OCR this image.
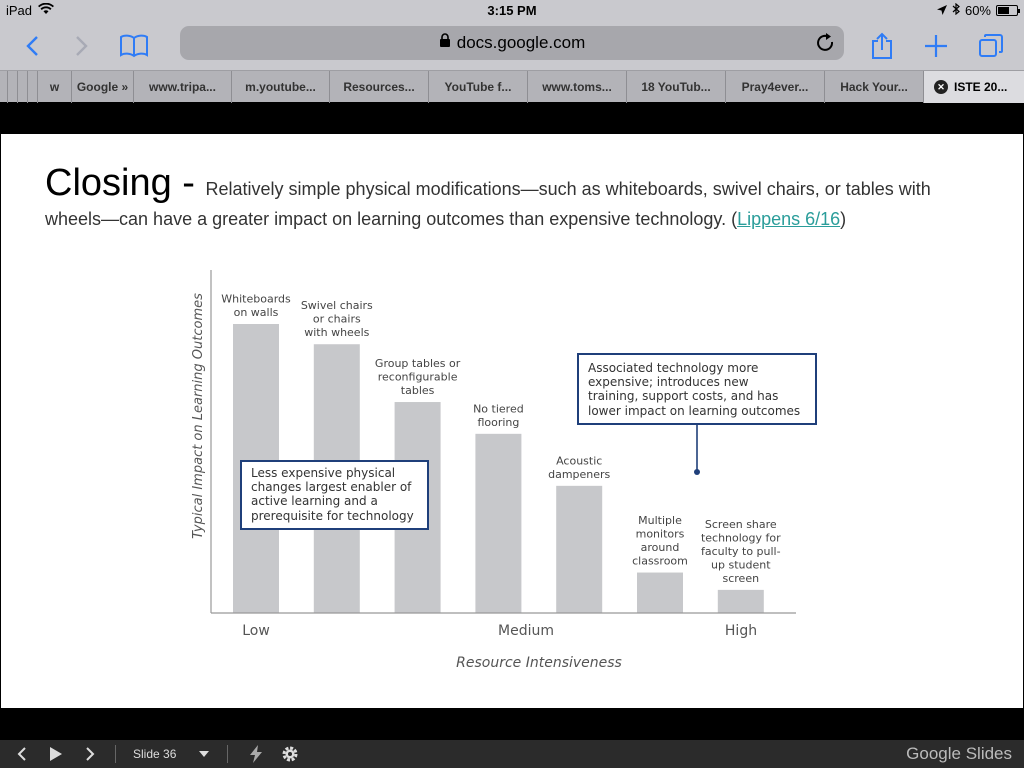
iPad	3:15 PM	60%
docs.google.com
w Google » www.tripa... m.youtube... Resources... YouTube f...	www.toms... 18 YouTub...	Pray4ever...	Hack Your...	✕ ISTE 20...
Closing - Relatively simple physical modifications—such as whiteboards, swivel chairs, or tables with wheels—can have a greater impact on learning outcomes than expensive technology. (Lippens 6/16)
Whiteboards
on walls
Swivel chairs
or chairs
with wheels
Group tables or
reconfigurable
tables
No tiered
flooring
Acoustic
dampeners
Multiple
monitors
around
classroom
Screen share
technology for
faculty to pull-
up student
screen
Typical Impact on Learning Outcomes
Low	Medium	High
Resource Intensiveness
Less expensive physical
changes largest enabler of
active learning and a
prerequisite for technology
Associated technology more
expensive; introduces new
training, support costs, and has
lower impact on learning outcomes
Slide 36	Google Slides
